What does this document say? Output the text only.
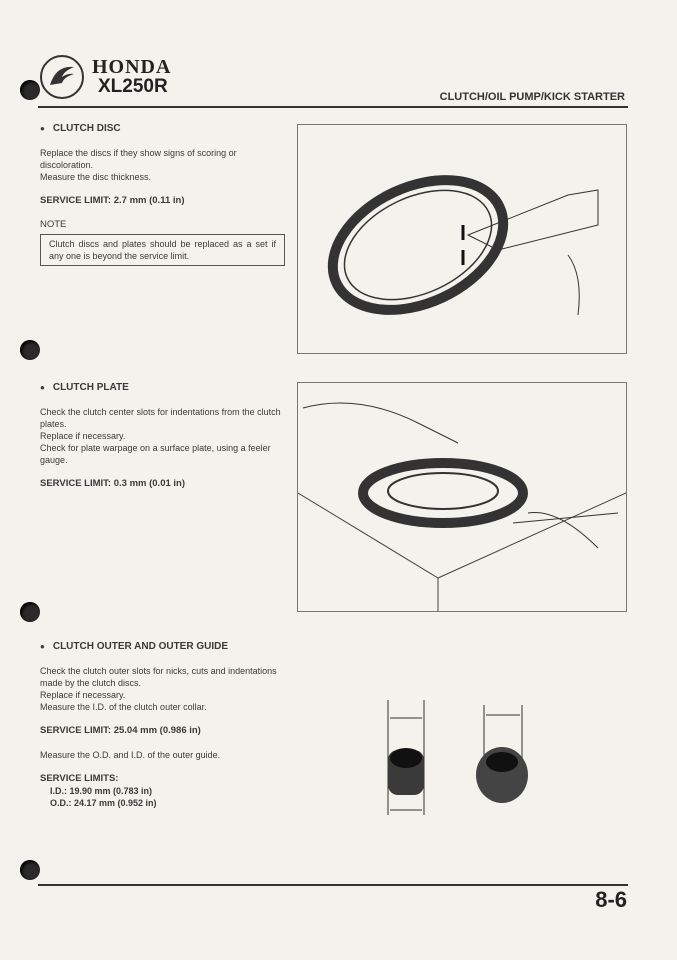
HONDA
XL250R	CLUTCH/OIL PUMP/KICK STARTER
● CLUTCH DISC

Replace the discs if they show signs of scoring or discoloration.

Measure the disc thickness.

SERVICE LIMIT: 2.7 mm (0.11 in)

NOTE

Clutch discs and plates should be replaced as a set if any one is beyond the service limit.
● CLUTCH PLATE

Check the clutch center slots for indentations from the clutch plates.

Replace if necessary.

Check for plate warpage on a surface plate, using a feeler gauge.

SERVICE LIMIT: 0.3 mm (0.01 in)

● CLUTCH OUTER AND OUTER GUIDE

Check the clutch outer slots for nicks, cuts and indentations made by the clutch discs.

Replace if necessary.

Measure the I.D. of the clutch outer collar.

SERVICE LIMIT: 25.04 mm (0.986 in)

Measure the O.D. and I.D. of the outer guide.

SERVICE LIMITS:

I.D.: 19.90 mm (0.783 in)

O.D.: 24.17 mm (0.952 in)

8-6
